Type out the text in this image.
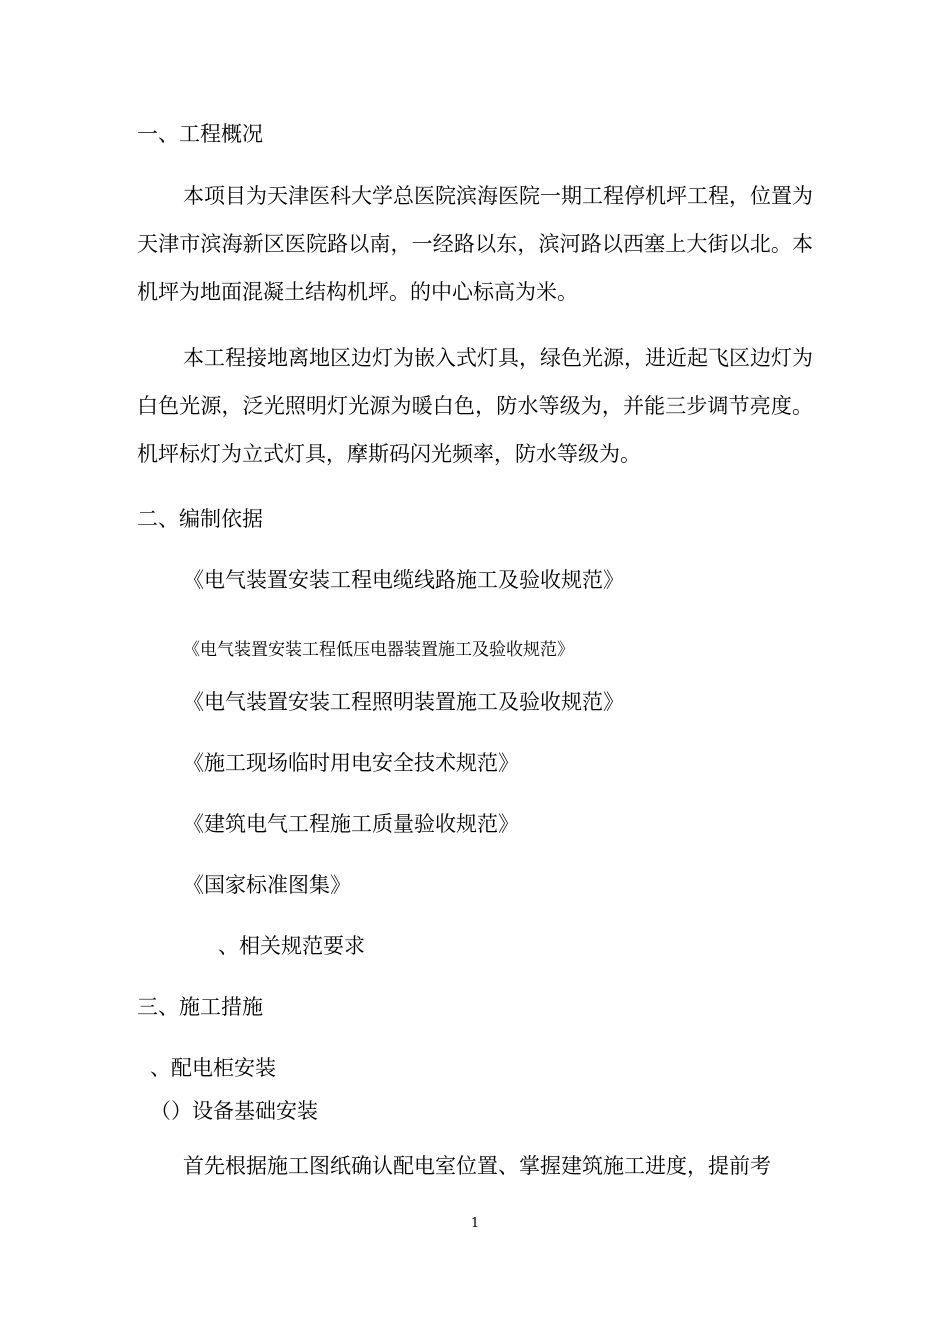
一、工程概况
本项目为天津医科大学总医院滨海医院一期工程停机坪工程，位置为天津市滨海新区医院路以南，一经路以东，滨河路以西塞上大街以北。本机坪为地面混凝土结构机坪。的中心标高为米。
本工程接地离地区边灯为嵌入式灯具，绿色光源，进近起飞区边灯为白色光源，泛光照明灯光源为暖白色，防水等级为，并能三步调节亮度。机坪标灯为立式灯具，摩斯码闪光频率，防水等级为。
二、编制依据
《电气装置安装工程电缆线路施工及验收规范》
《电气装置安装工程低压电器装置施工及验收规范》
《电气装置安装工程照明装置施工及验收规范》
《施工现场临时用电安全技术规范》
《建筑电气工程施工质量验收规范》
《国家标准图集》
、相关规范要求
三、施工措施
、配电柜安装
（）设备基础安装
首先根据施工图纸确认配电室位置、掌握建筑施工进度，提前考
1
